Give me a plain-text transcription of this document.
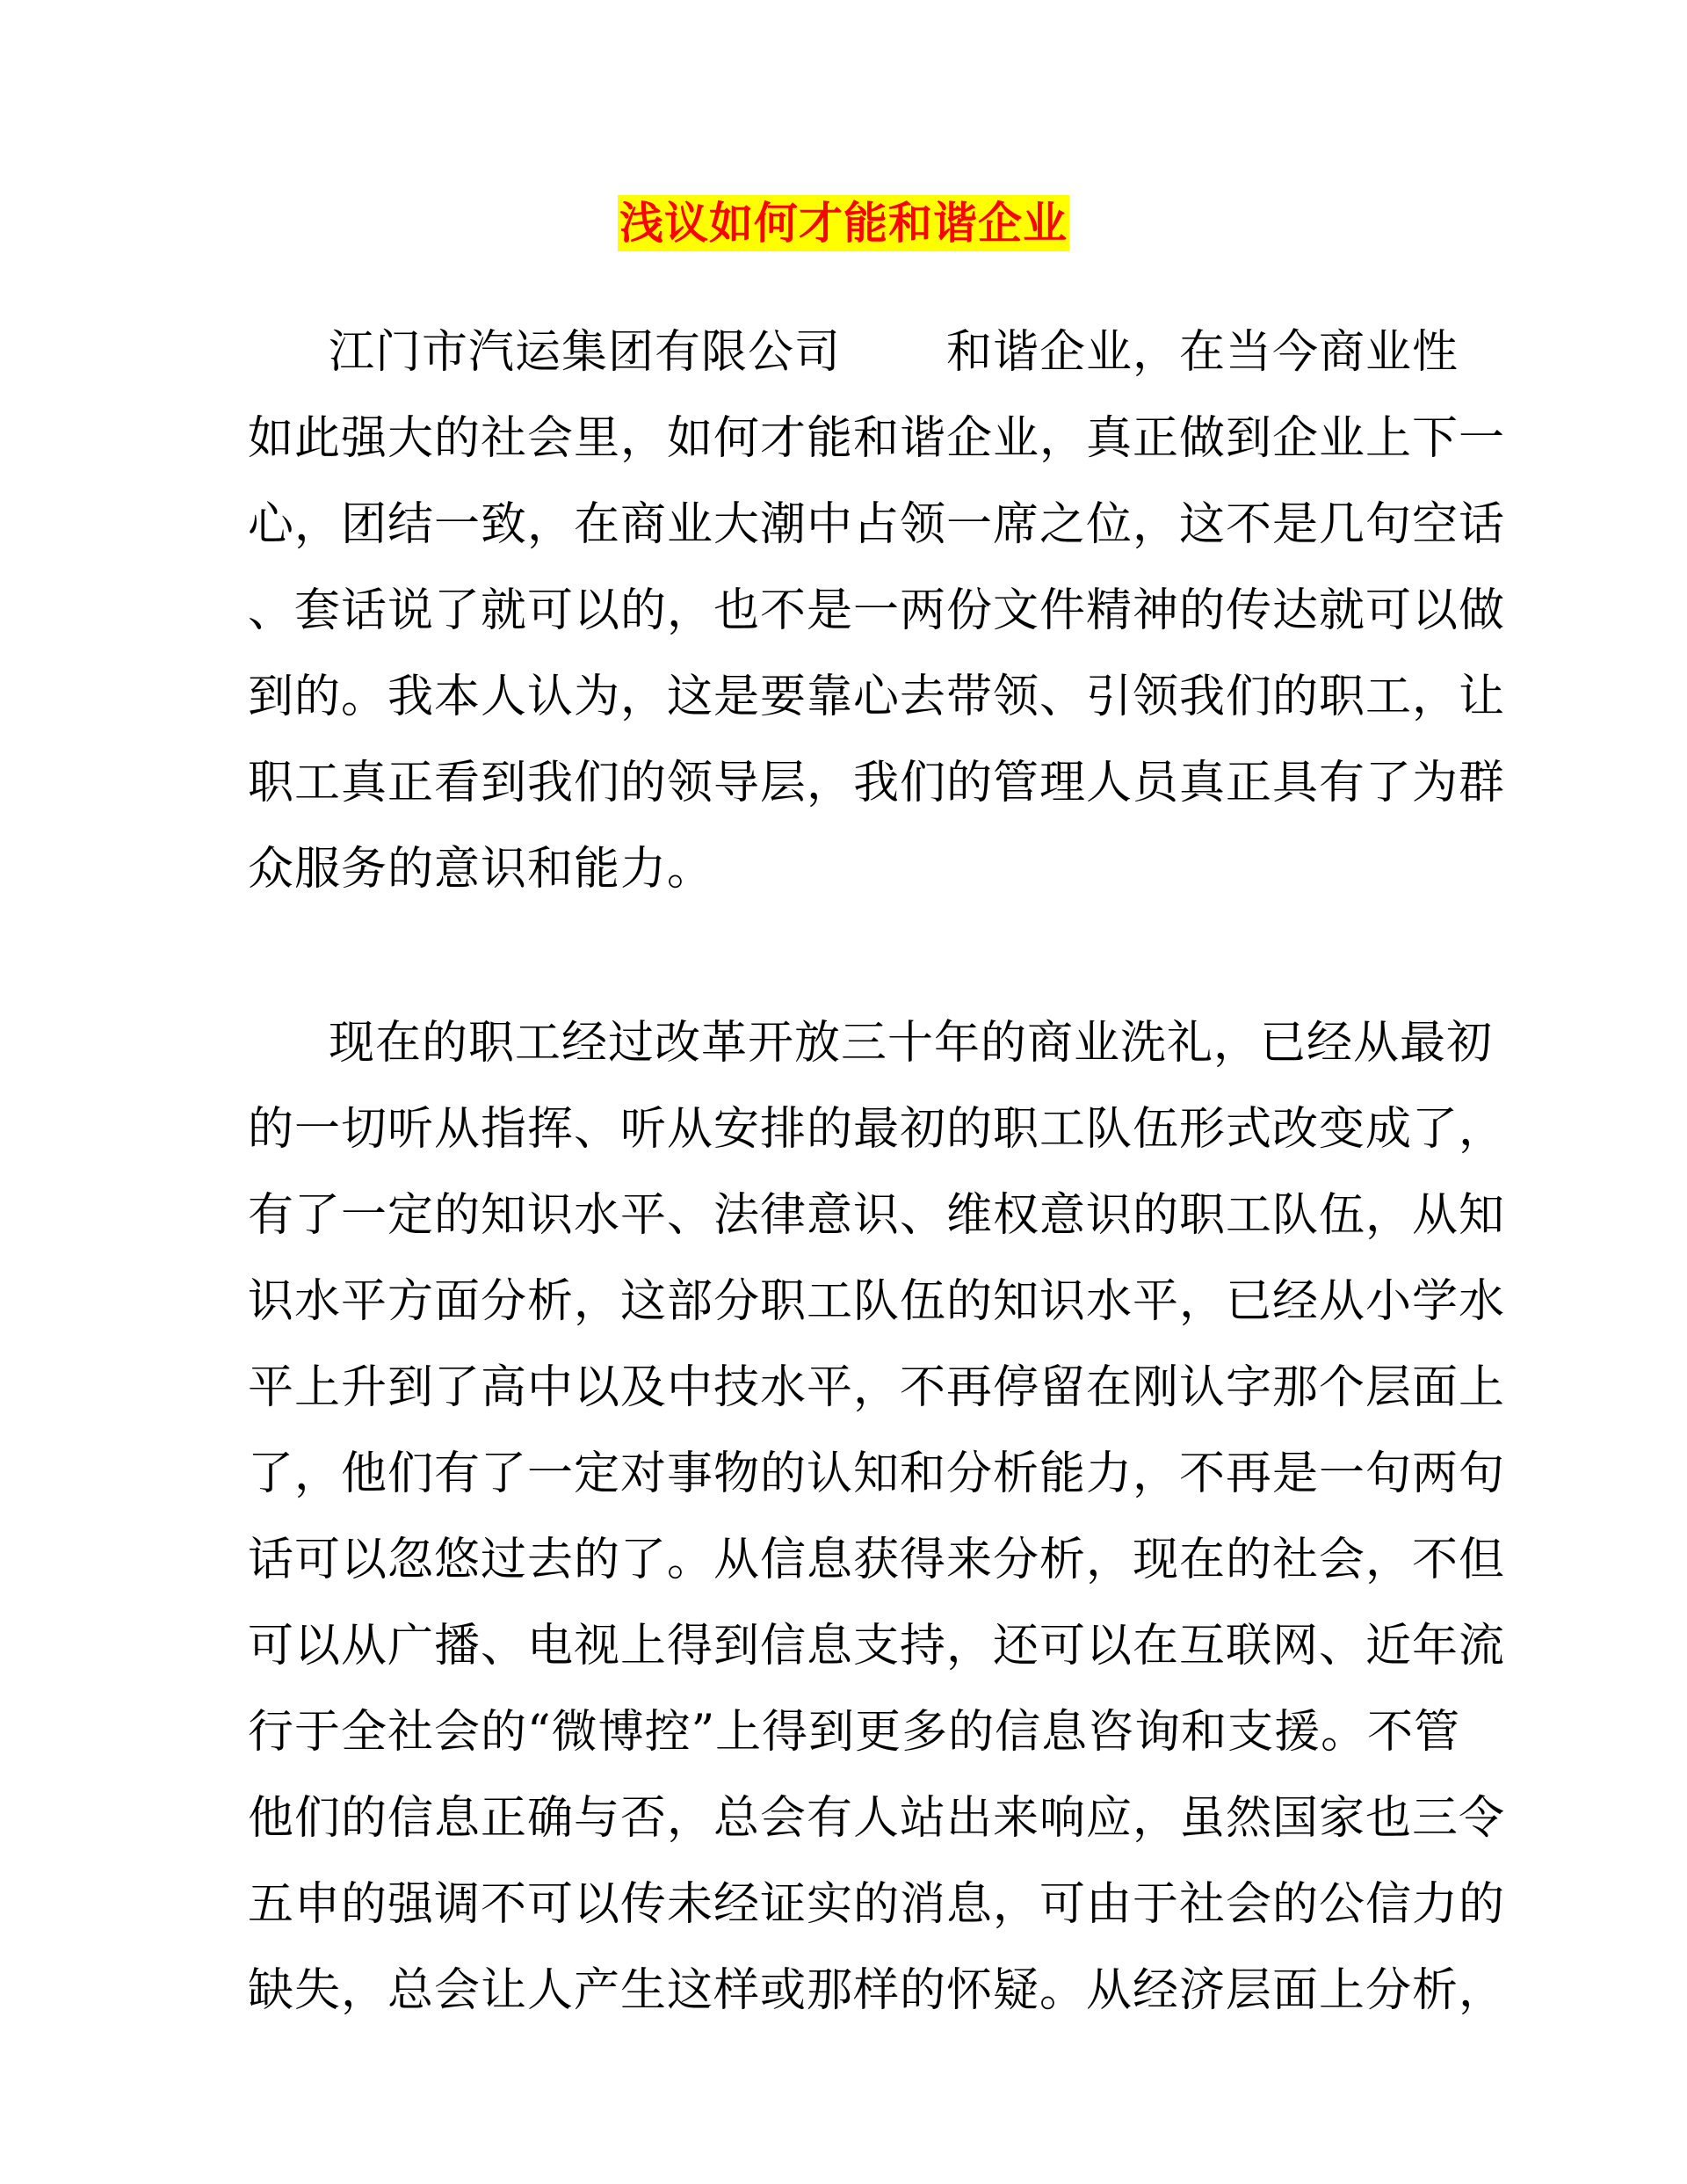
浅议如何才能和谐企业
江门市汽运集团有限公司 和谐企业，在当今商业性
如此强大的社会里，如何才能和谐企业，真正做到企业上下一
心，团结一致，在商业大潮中占领一席之位，这不是几句空话
、套话说了就可以的，也不是一两份文件精神的传达就可以做
到的。我本人认为，这是要靠心去带领、引领我们的职工，让
职工真正看到我们的领导层，我们的管理人员真正具有了为群
众服务的意识和能力。
现在的职工经过改革开放三十年的商业洗礼，已经从最初
的一切听从指挥、听从安排的最初的职工队伍形式改变成了，
有了一定的知识水平、法律意识、维权意识的职工队伍，从知
识水平方面分析，这部分职工队伍的知识水平，已经从小学水
平上升到了高中以及中技水平，不再停留在刚认字那个层面上
了，他们有了一定对事物的认知和分析能力，不再是一句两句
话可以忽悠过去的了。从信息获得来分析，现在的社会，不但
可以从广播、电视上得到信息支持，还可以在互联网、近年流
行于全社会的“微博控”上得到更多的信息咨询和支援。不管
他们的信息正确与否，总会有人站出来响应，虽然国家也三令
五申的强调不可以传未经证实的消息，可由于社会的公信力的
缺失，总会让人产生这样或那样的怀疑。从经济层面上分析，
